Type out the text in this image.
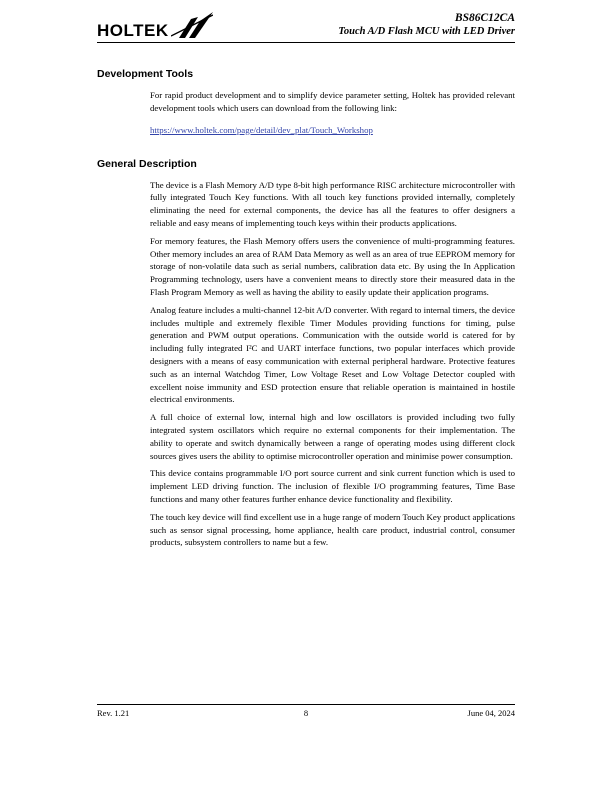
HOLTEK
BS86C12CA
Touch A/D Flash MCU with LED Driver
Development Tools

For rapid product development and to simplify device parameter setting, Holtek has provided relevant development tools which users can download from the following link:

https://www.holtek.com/page/detail/dev_plat/Touch_Workshop
General Description

The device is a Flash Memory A/D type 8-bit high performance RISC architecture microcontroller with fully integrated Touch Key functions. With all touch key functions provided internally, completely eliminating the need for external components, the device has all the features to offer designers a reliable and easy means of implementing touch keys within their products applications.

For memory features, the Flash Memory offers users the convenience of multi-programming features. Other memory includes an area of RAM Data Memory as well as an area of true EEPROM memory for storage of non-volatile data such as serial numbers, calibration data etc. By using the In Application Programming technology, users have a convenient means to directly store their measured data in the Flash Program Memory as well as having the ability to easily update their application programs.

Analog feature includes a multi-channel 12-bit A/D converter. With regard to internal timers, the device includes multiple and extremely flexible Timer Modules providing functions for timing, pulse generation and PWM output operations. Communication with the outside world is catered for by including fully integrated I²C and UART interface functions, two popular interfaces which provide designers with a means of easy communication with external peripheral hardware. Protective features such as an internal Watchdog Timer, Low Voltage Reset and Low Voltage Detector coupled with excellent noise immunity and ESD protection ensure that reliable operation is maintained in hostile electrical environments.

A full choice of external low, internal high and low oscillators is provided including two fully integrated system oscillators which require no external components for their implementation. The ability to operate and switch dynamically between a range of operating modes using different clock sources gives users the ability to optimise microcontroller operation and minimise power consumption.

This device contains programmable I/O port source current and sink current function which is used to implement LED driving function. The inclusion of flexible I/O programming features, Time Base functions and many other features further enhance device functionality and flexibility.

The touch key device will find excellent use in a huge range of modern Touch Key product applications such as sensor signal processing, home appliance, health care product, industrial control, consumer products, subsystem controllers to name but a few.

Rev. 1.21	8	June 04, 2024
